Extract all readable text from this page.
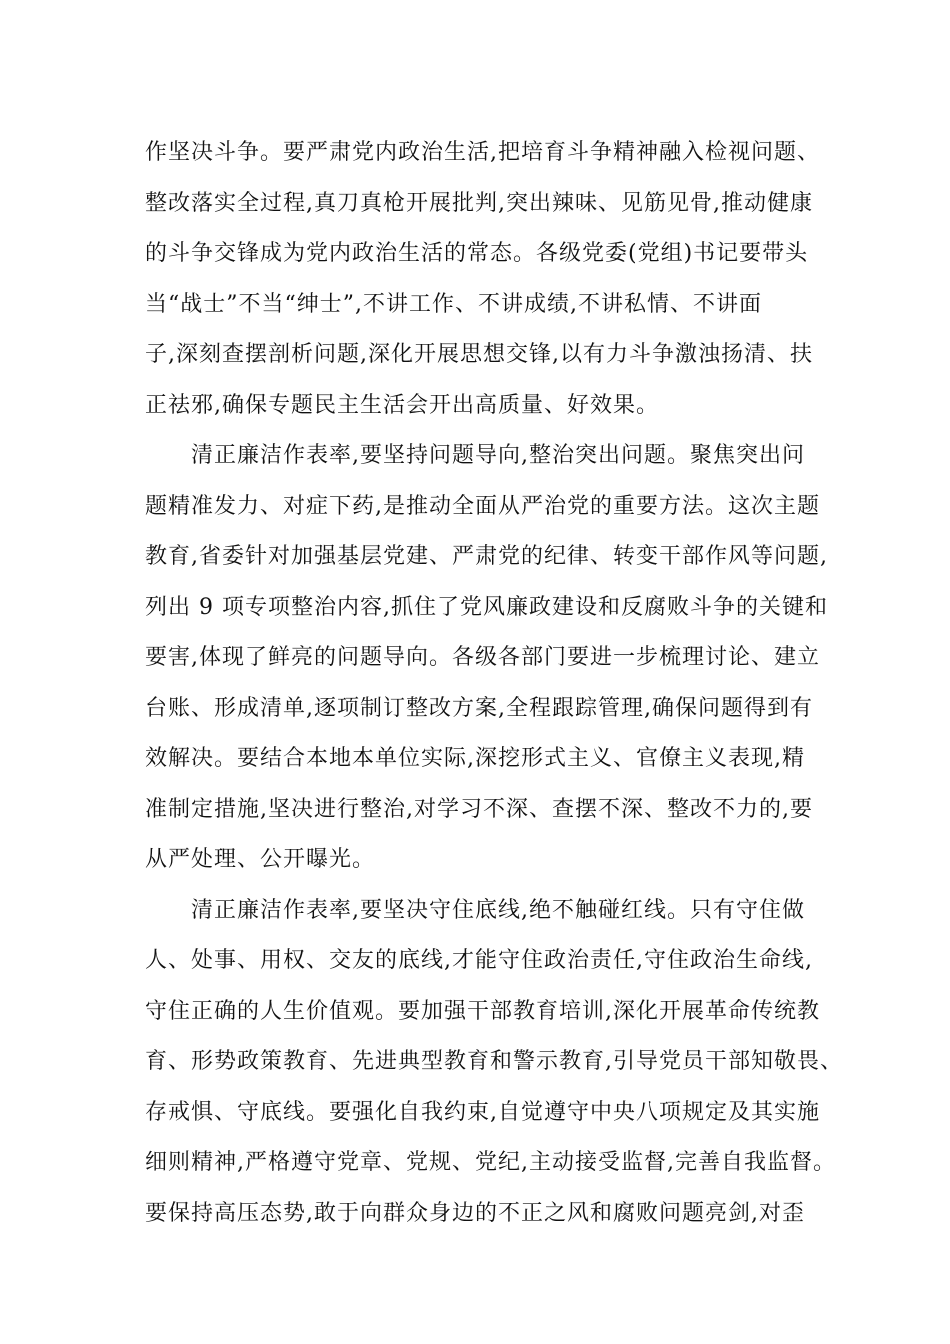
作坚决斗争。要严肃党内政治生活,把培育斗争精神融入检视问题、
整改落实全过程,真刀真枪开展批判,突出辣味、见筋见骨,推动健康
的斗争交锋成为党内政治生活的常态。各级党委(党组)书记要带头
当“战士”不当“绅士”,不讲工作、不讲成绩,不讲私情、不讲面
子,深刻查摆剖析问题,深化开展思想交锋,以有力斗争激浊扬清、扶
正祛邪,确保专题民主生活会开出高质量、好效果。
清正廉洁作表率,要坚持问题导向,整治突出问题。聚焦突出问
题精准发力、对症下药,是推动全面从严治党的重要方法。这次主题
教育,省委针对加强基层党建、严肃党的纪律、转变干部作风等问题,
列出 9 项专项整治内容,抓住了党风廉政建设和反腐败斗争的关键和
要害,体现了鲜亮的问题导向。各级各部门要进一步梳理讨论、建立
台账、形成清单,逐项制订整改方案,全程跟踪管理,确保问题得到有
效解决。要结合本地本单位实际,深挖形式主义、官僚主义表现,精
准制定措施,坚决进行整治,对学习不深、查摆不深、整改不力的,要
从严处理、公开曝光。
清正廉洁作表率,要坚决守住底线,绝不触碰红线。只有守住做
人、处事、用权、交友的底线,才能守住政治责任,守住政治生命线,
守住正确的人生价值观。要加强干部教育培训,深化开展革命传统教
育、形势政策教育、先进典型教育和警示教育,引导党员干部知敬畏、
存戒惧、守底线。要强化自我约束,自觉遵守中央八项规定及其实施
细则精神,严格遵守党章、党规、党纪,主动接受监督,完善自我监督。
要保持高压态势,敢于向群众身边的不正之风和腐败问题亮剑,对歪
